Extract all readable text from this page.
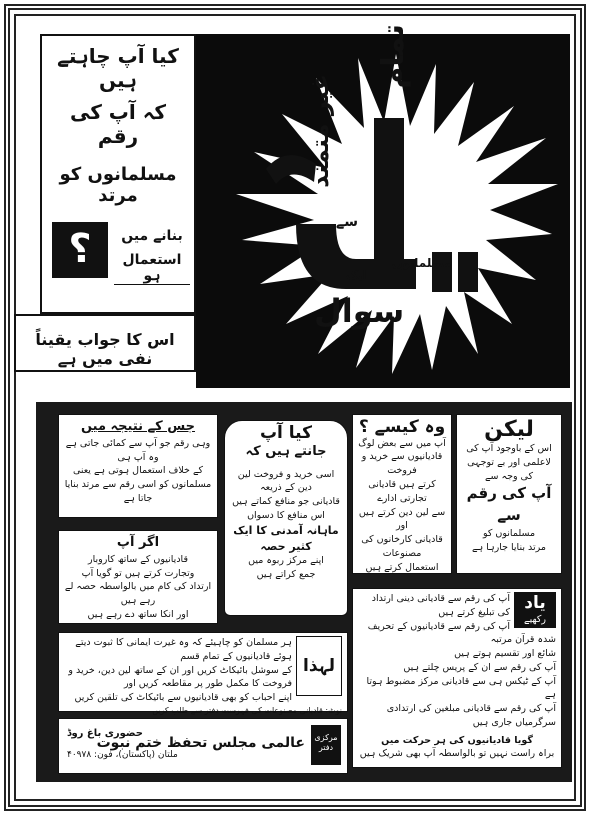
تمام
غیر متمند
مسلمانوں
سے
ایک
سوال
کیا آپ چاہتے ہیں
کہ آپ کی رقم
مسلمانوں کو مرتد
؟	بنانے میں
استعمال ہو
اس کا جواب یقیناً نفی میں ہے
لیکن
اس کے باوجود آپ کی
لاعلمی اور بے توجہی کی وجہ سے
آپ کی رقم سے
مسلمانوں کو
مرتد بنایا جارہا ہے
وہ کیسے ؟
آپ میں سے بعض لوگ
قادیانیوں سے خرید و فروخت
کرتے ہیں قادیانی تجارتی ادارے
سے لین دین کرتے ہیں اور
قادیانی کارخانوں کی مصنوعات
استعمال کرتے ہیں
کیا آپ
جانتے ہیں کہ
اسی خرید و فروخت لین دین کے ذریعہ
قادیانی جو منافع کماتے ہیں اس منافع کا دسواں
ماہانہ آمدنی کا ایک کثیر حصہ
اپنے مرکز ربوہ میں
جمع کراتے ہیں
جس کے نتیجہ میں
وہی رقم جو آپ سے کمائی جاتی ہے وہ آپ ہی
کے خلاف استعمال ہوتی ہے یعنی
مسلمانوں کو اسی رقم سے مرتد بنایا جاتا ہے
اگر آپ
قادیانیوں کے ساتھ کاروبار
وتجارت کرتے ہیں تو گویا آپ
ارتداد کی کام میں بالواسطہ حصہ لے رہے ہیں
اور انکا ساتھ دے رہے ہیں
یاد
رکھیے
آپ کی رقم سے قادیانی دینی ارتداد کی تبلیغ کرتے ہیں
آپ کی رقم سے قادیانیوں کے تحریف شدہ قرآن مرتبہ
شائع اور تقسیم ہوتے ہیں
آپ کی رقم سے ان کے پریس چلتے ہیں
آپ کے ٹیکس ہی سے قادیانی مرکز مضبوط ہوتا ہے
آپ کی رقم سے قادیانی مبلغین کی ارتدادی سرگرمیاں جاری ہیں
گویا قادیانیوں کی ہر حرکت میں
براہ راست نہیں تو بالواسطہ آپ بھی شریک ہیں
لہذا
ہر مسلمان کو چاہیئے کہ وہ غیرت ایمانی کا ثبوت دیتے ہوئے قادیانیوں کے تمام قسم
کے سوشل بائیکاٹ کریں اور ان کے ساتھ لین دین، خرید و فروخت کا مکمل طور پر مقاطعہ کریں اور
اپنے احباب کو بھی قادیانیوں سے بائیکاٹ کی تلقین کریں
نوٹ: قادیانی مصنوعات کی فہرست دفتر سے طلب کریں
مرکزی دفتر
عالمی مجلس تحفظ ختم نبوت
حضوری باغ روڈ
ملتان (پاکستان)، فون: ۴۰۹۷۸
